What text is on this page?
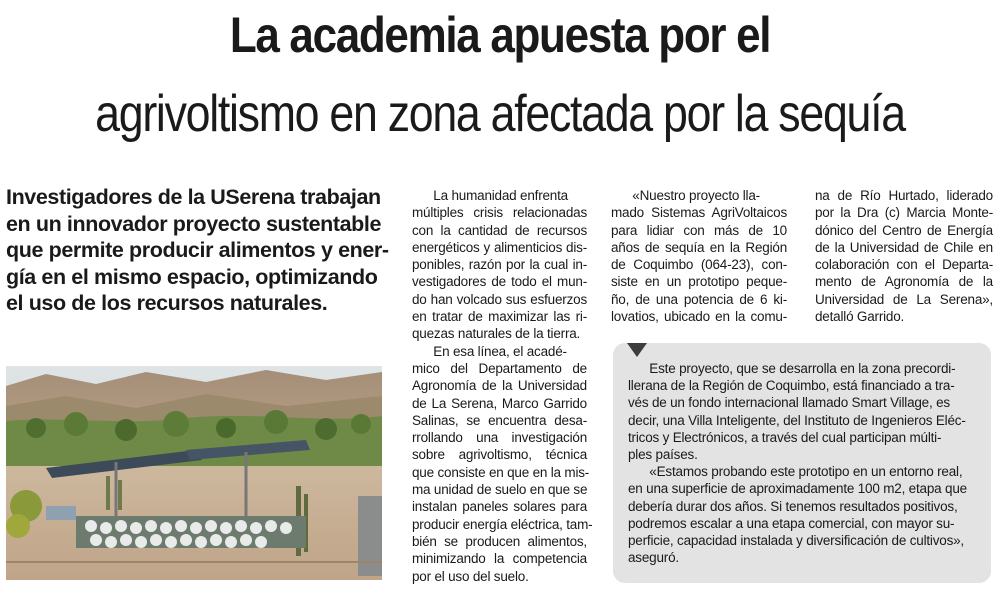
La academia apuesta por el
agrivoltismo en zona afectada por la sequía

Investigadores de la USerena trabajan
en un innovador proyecto sustentable
que permite producir alimentos y ener-
gía en el mismo espacio, optimizando
el uso de los recursos naturales.

La humanidad enfrenta
múltiples crisis relacionadas
con la cantidad de recursos
energéticos y alimenticios dis-
ponibles, razón por la cual in-
vestigadores de todo el mun-
do han volcado sus esfuerzos
en tratar de maximizar las ri-
quezas naturales de la tierra.
En esa línea, el acadé-
mico del Departamento de
Agronomía de la Universidad
de La Serena, Marco Garrido
Salinas, se encuentra desa-
rrollando una investigación
sobre agrivoltismo, técnica
que consiste en que en la mis-
ma unidad de suelo en que se
instalan paneles solares para
producir energía eléctrica, tam-
bién se producen alimentos,
minimizando la competencia
por el uso del suelo.
«Nuestro proyecto lla-
mado Sistemas AgriVoltaicos
para lidiar con más de 10
años de sequía en la Región
de Coquimbo (064-23), con-
siste en un prototipo peque-
ño, de una potencia de 6 ki-
lovatios, ubicado en la comu-
na de Río Hurtado, liderado
por la Dra (c) Marcia Monte-
dónico del Centro de Energía
de la Universidad de Chile en
colaboración con el Departa-
mento de Agronomía de la
Universidad de La Serena»,
detalló Garrido.
Este proyecto, que se desarrolla en la zona precordi-
llerana de la Región de Coquimbo, está financiado a tra-
vés de un fondo internacional llamado Smart Village, es
decir, una Villa Inteligente, del Instituto de Ingenieros Eléc-
tricos y Electrónicos, a través del cual participan múlti-
ples países.
«Estamos probando este prototipo en un entorno real,
en una superficie de aproximadamente 100 m2, etapa que
debería durar dos años. Si tenemos resultados positivos,
podremos escalar a una etapa comercial, con mayor su-
perficie, capacidad instalada y diversificación de cultivos»,
aseguró.
